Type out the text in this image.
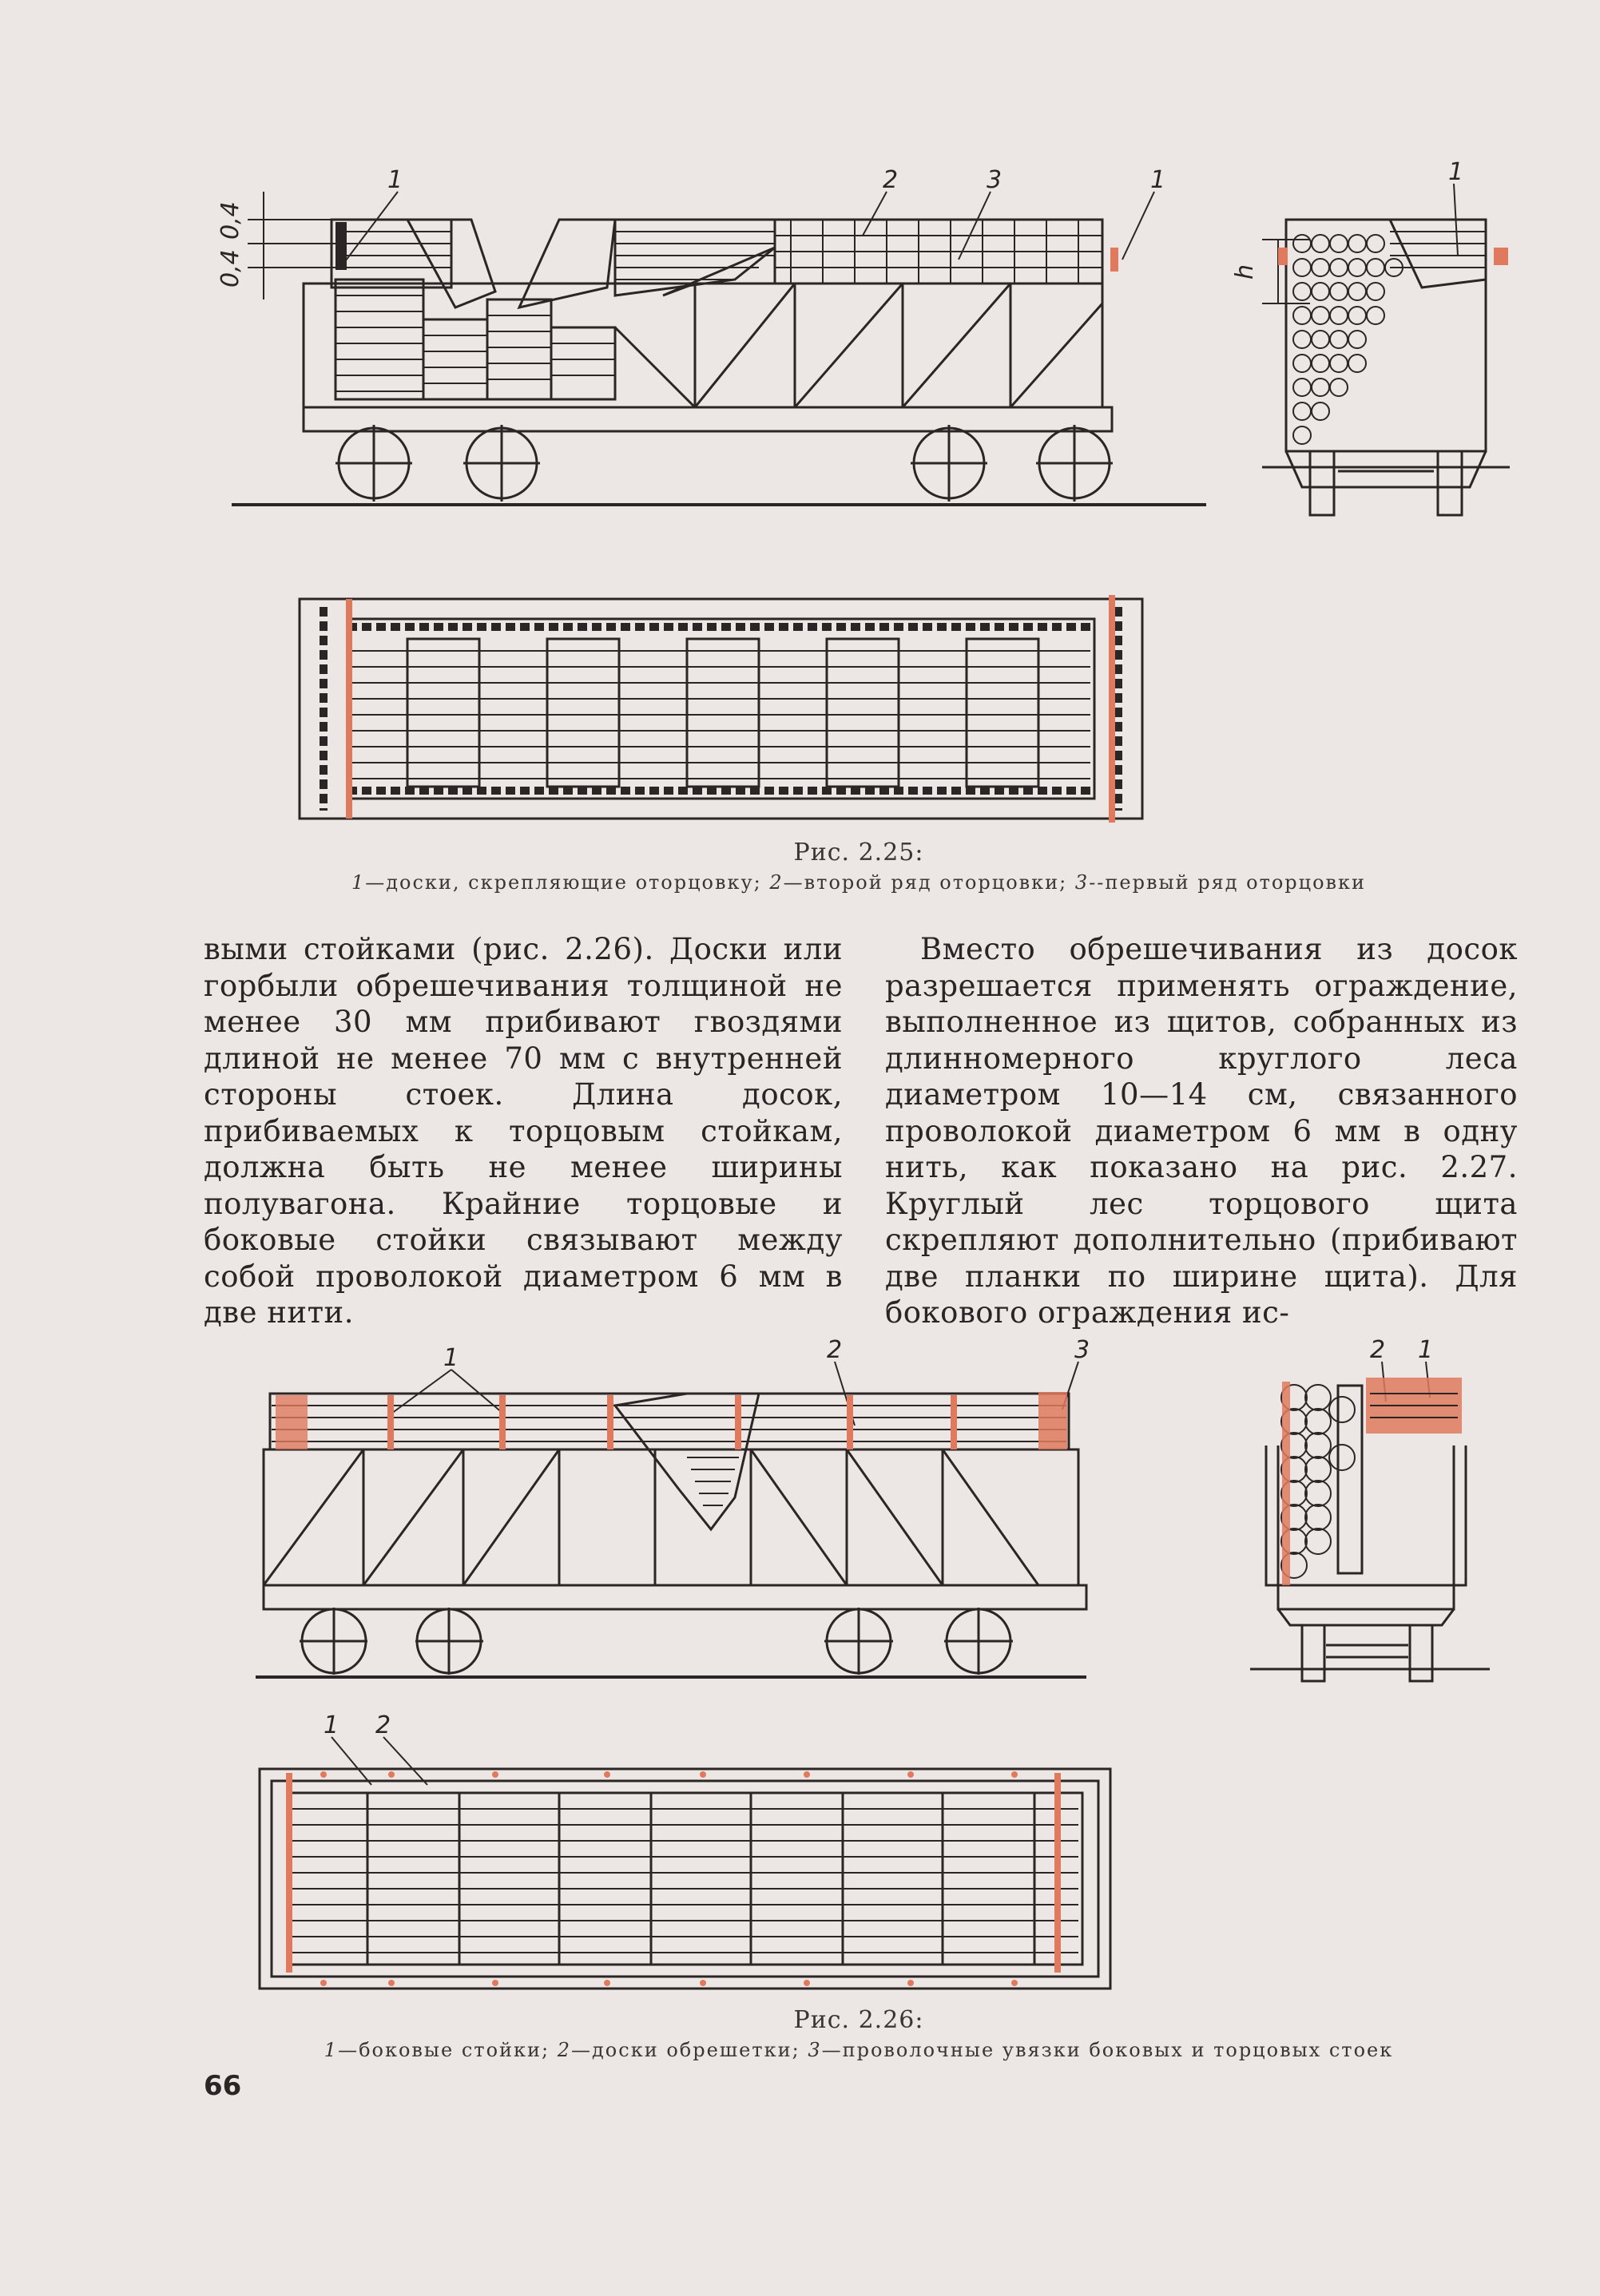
1	2	3	1
0,4
0,4
1
h
Рис. 2.25:
1—доски, скрепляющие оторцовку; 2—второй ряд оторцовки; 3--первый ряд оторцовки

выми стойками (рис. 2.26). Доски или горбыли обрешечивания толщиной не менее 30 мм прибивают гвоздями длиной не менее 70 мм с внутренней стороны стоек. Длина досок, прибиваемых к торцовым стойкам, должна быть не менее ширины полувагона. Крайние торцовые и боковые стойки связывают между собой проволокой диаметром 6 мм в две нити.

Вместо обрешечивания из досок разрешается применять ограждение, выполненное из щитов, собранных из длинномерного круглого леса диаметром 10—14 см, связанного проволокой диаметром 6 мм в одну нить, как показано на рис. 2.27. Круглый лес торцового щита скрепляют дополнительно (прибивают две планки по ширине щита). Для бокового ограждения ис-

1	2	3	2 1
1 2
Рис. 2.26:
1—боковые стойки; 2—доски обрешетки; 3—проволочные увязки боковых и торцовых стоек
66
